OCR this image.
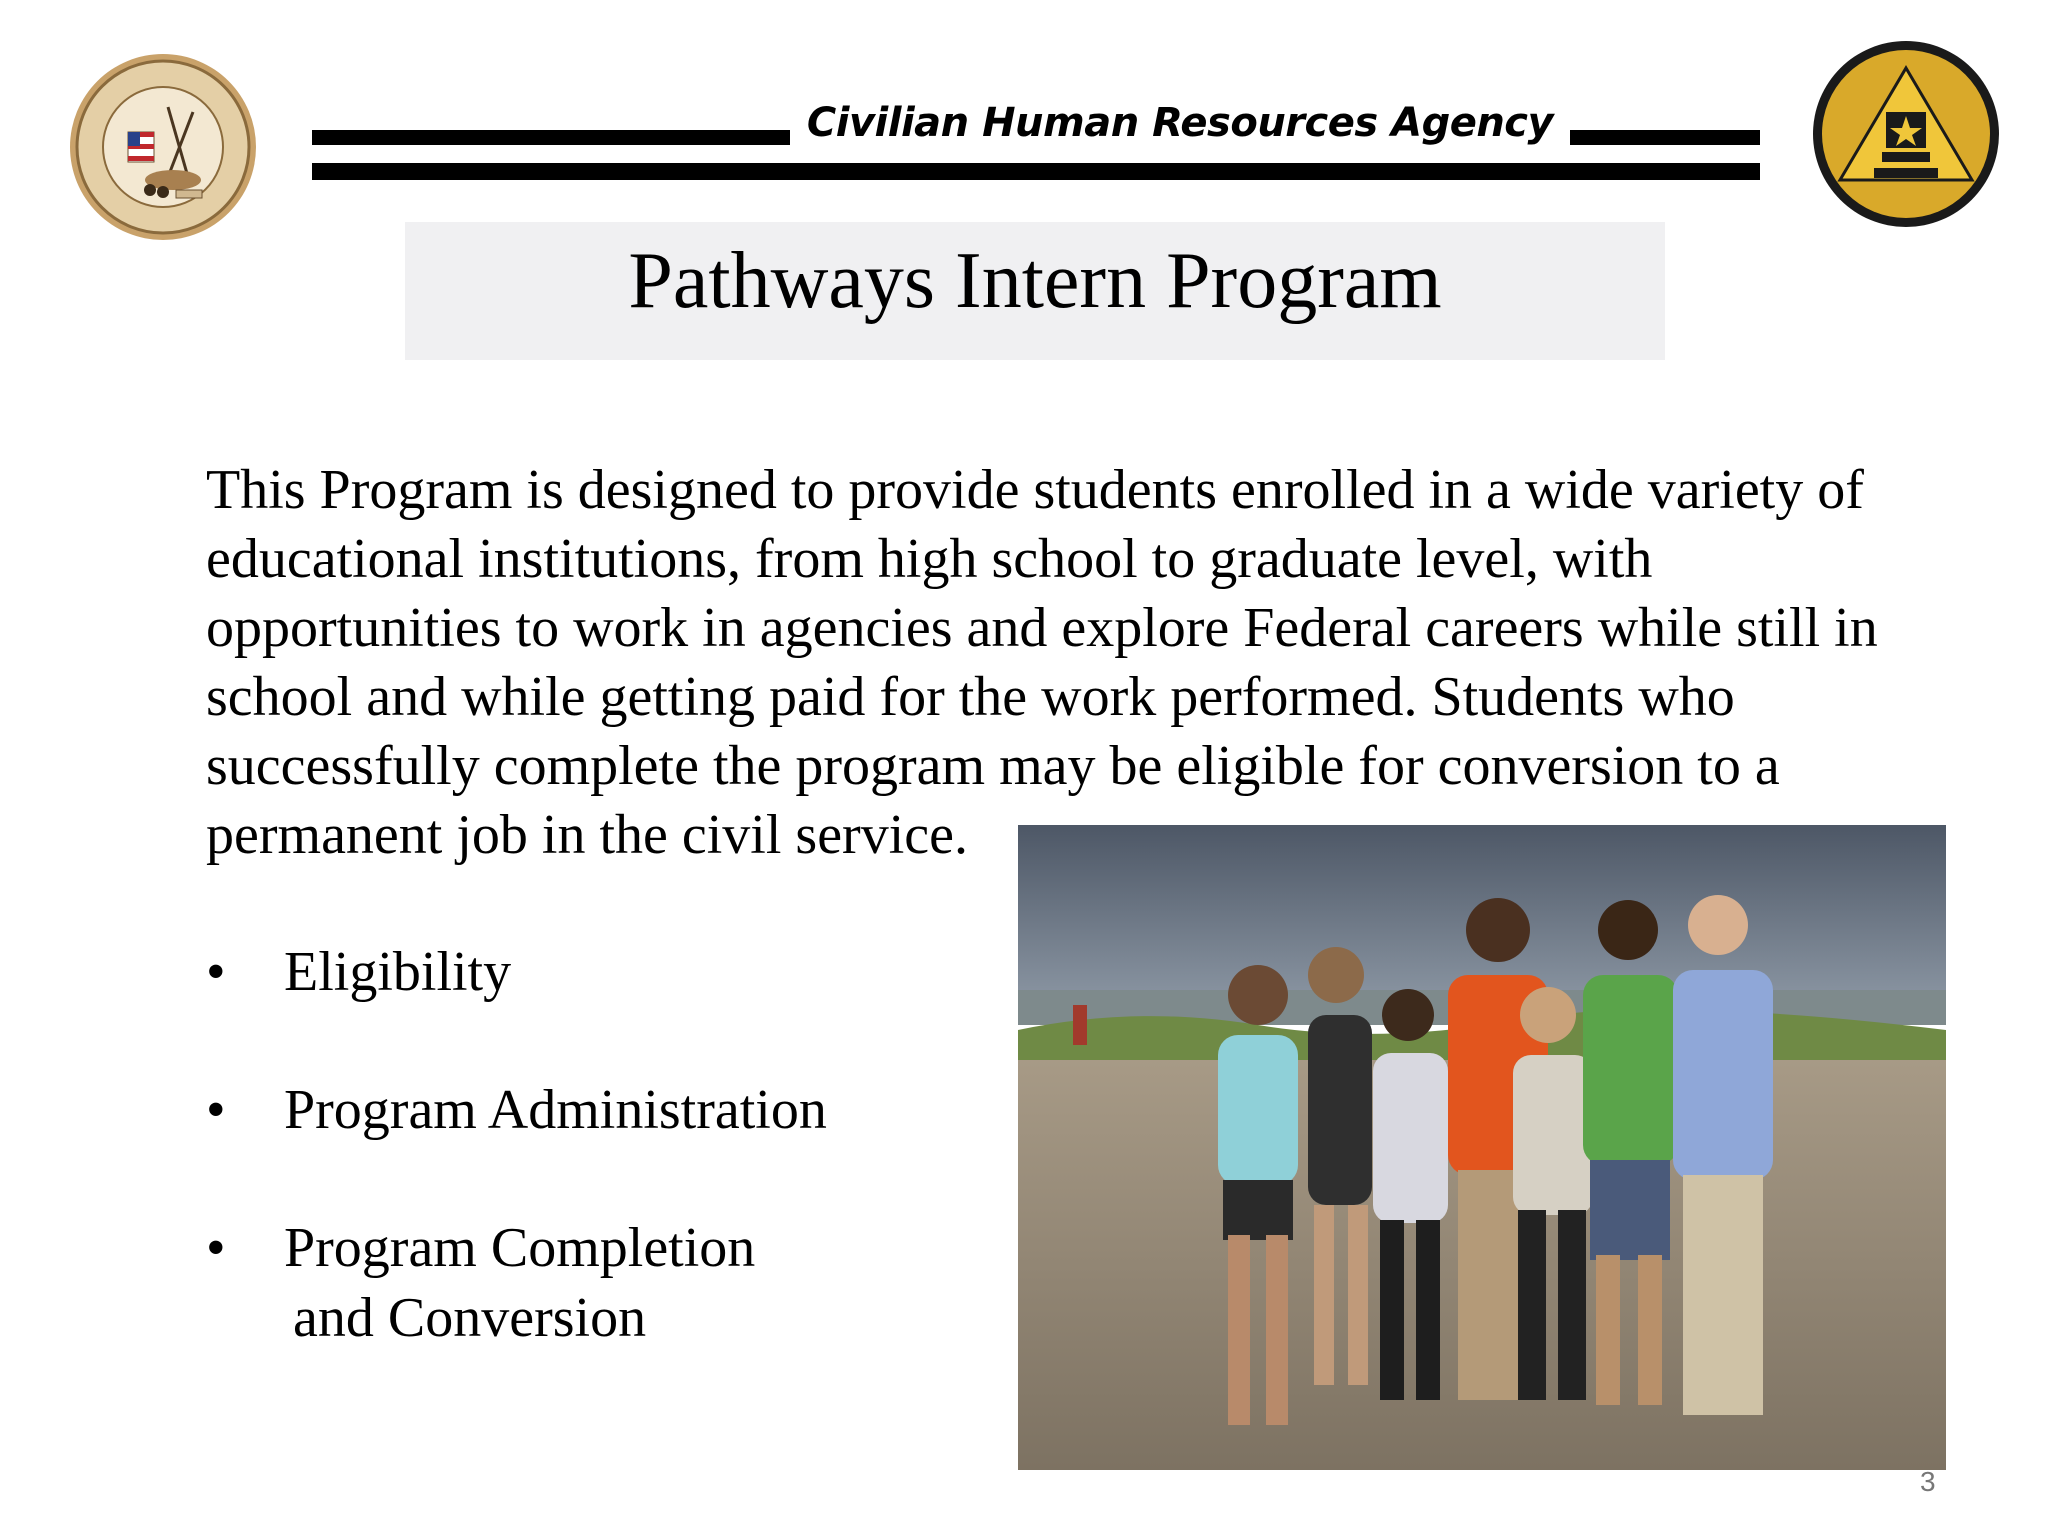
Civilian Human Resources Agency
Pathways Intern Program

This Program is designed to provide students enrolled in a wide variety of educational institutions, from high school to graduate level, with opportunities to work in agencies and explore Federal careers while still in school and while getting paid for the work performed. Students who successfully complete the program may be eligible for conversion to a permanent job in the civil service.

• Eligibility
• Program Administration
• Program Completion
and Conversion
3
